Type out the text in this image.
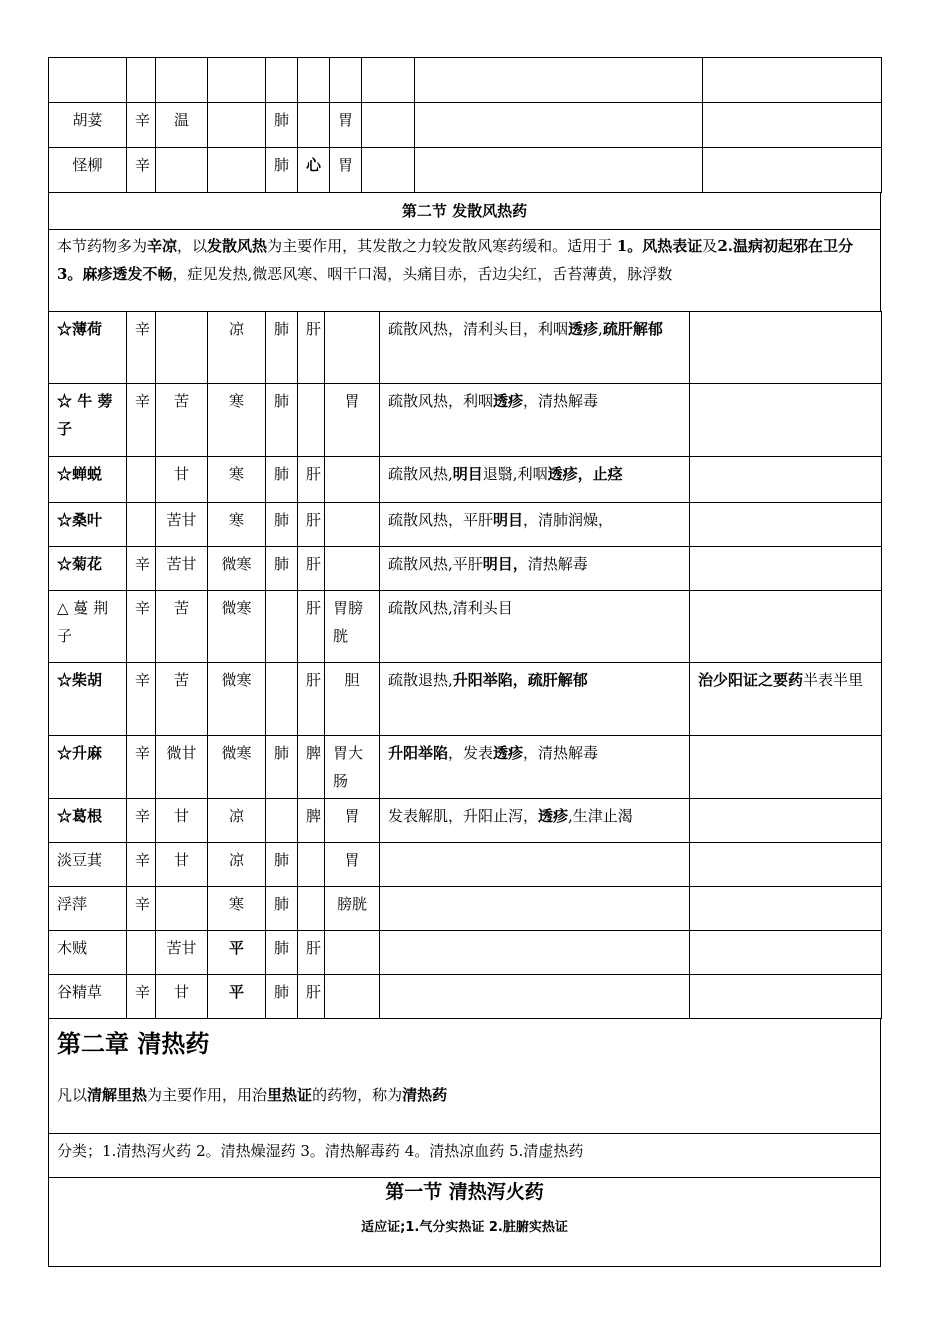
胡荽	辛	温		肺		胃			
怪柳	辛			肺	心	胃			
第二节 发散风热药
本节药物多为辛凉，以发散风热为主要作用，其发散之力较发散风寒药缓和。适用于 1。风热表证及2.温病初起邪在卫分 3。麻疹透发不畅，症见发热,微恶风寒、咽干口渴，头痛目赤，舌边尖红，舌苔薄黄，脉浮数
☆薄荷	辛		凉	肺	肝		疏散风热，清利头目，利咽透疹,疏肝解郁	
☆ 牛 蒡 子	辛	苦	寒	肺		胃	疏散风热，利咽透疹，清热解毒	
☆蝉蜕		甘	寒	肺	肝		疏散风热,明目退翳,利咽透疹，止痉	
☆桑叶		苦甘	寒	肺	肝		疏散风热，平肝明目，清肺润燥，	
☆菊花	辛	苦甘	微寒	肺	肝		疏散风热,平肝明目，清热解毒	
△ 蔓 荆 子	辛	苦	微寒		肝	胃膀胱	疏散风热,清利头目	
☆柴胡	辛	苦	微寒		肝	胆	疏散退热,升阳举陷，疏肝解郁	治少阳证之要药半表半里
☆升麻	辛	微甘	微寒	肺	脾	胃大肠	升阳举陷，发表透疹，清热解毒	
☆葛根	辛	甘	凉		脾	胃	发表解肌，升阳止泻，透疹,生津止渴	
淡豆萁	辛	甘	凉	肺		胃		
浮萍	辛		寒	肺		膀胱		
木贼		苦甘	平	肺	肝			
谷精草	辛	甘	平	肺	肝			
第二章 清热药
凡以清解里热为主要作用，用治里热证的药物，称为清热药

分类；1.清热泻火药 2。清热燥湿药 3。清热解毒药 4。清热凉血药 5.清虚热药

第一节 清热泻火药
适应证;1.气分实热证 2.脏腑实热证
